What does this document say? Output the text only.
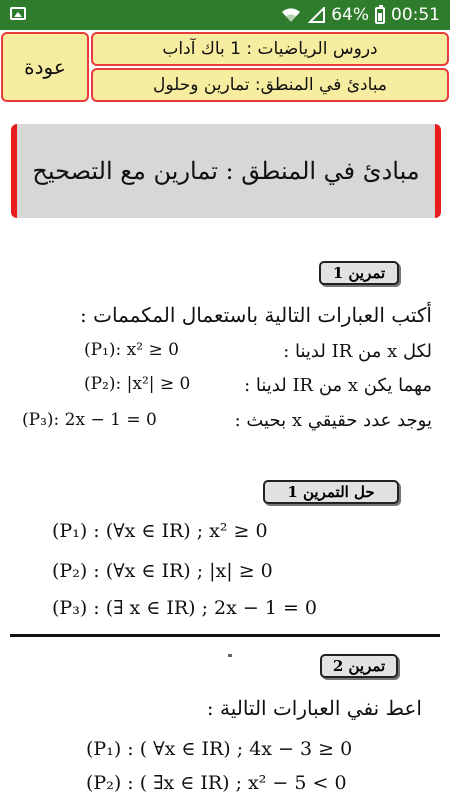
64% 00:51
عودة
دروس الرياضيات : 1 باك آداب
مبادئ في المنطق: تمارين وحلول
مبادئ في المنطق : تمارين مع التصحيح
تمرين 1
أكتب العبارات التالية باستعمال المكممات :
لكل x من IR لدينا :
(P₁): x² ≥ 0
مهما يكن x من IR لدينا :
(P₂): |x²| ≥ 0
يوجد عدد حقيقي x بحيث :
(P₃): 2x − 1 = 0
حل التمرين 1
(P₁) : (∀x ∈ IR) ; x² ≥ 0
(P₂) : (∀x ∈ IR) ; |x| ≥ 0
(P₃) : (∃ x ∈ IR) ; 2x − 1 = 0
تمرين 2
اعط نفي العبارات التالية :
(P₁) : ( ∀x ∈ IR) ; 4x − 3 ≥ 0
(P₂) : ( ∃x ∈ IR) ; x² − 5 < 0
